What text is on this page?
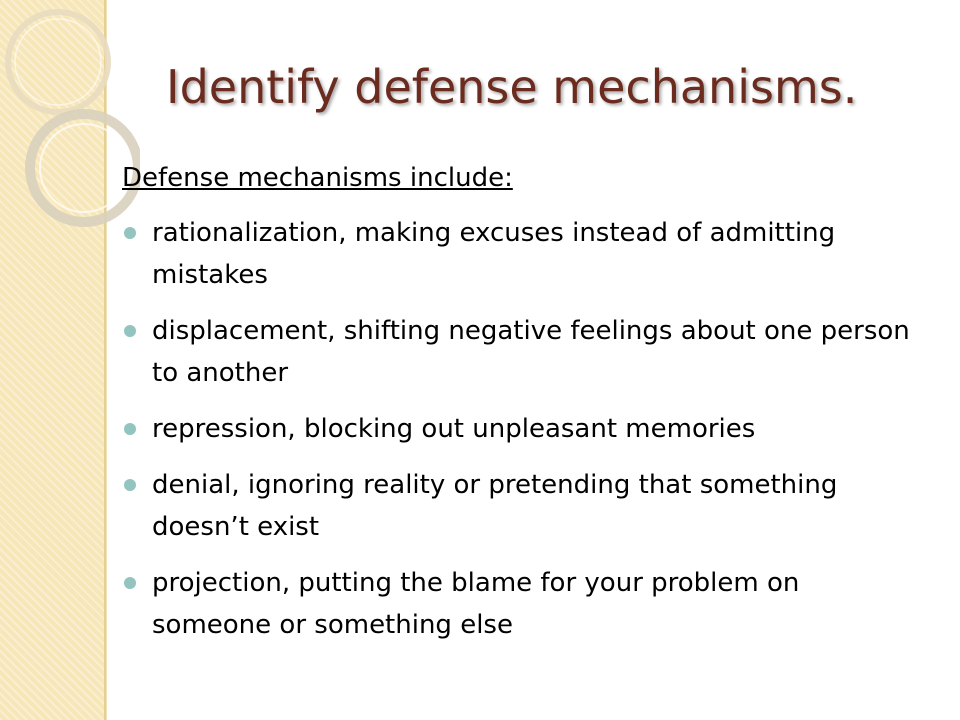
Identify defense mechanisms.
Defense mechanisms include:
rationalization, making excuses instead of admitting mistakes
displacement, shifting negative feelings about one person to another
repression, blocking out unpleasant memories
denial, ignoring reality or pretending that something doesn’t exist
projection, putting the blame for your problem on someone or something else
